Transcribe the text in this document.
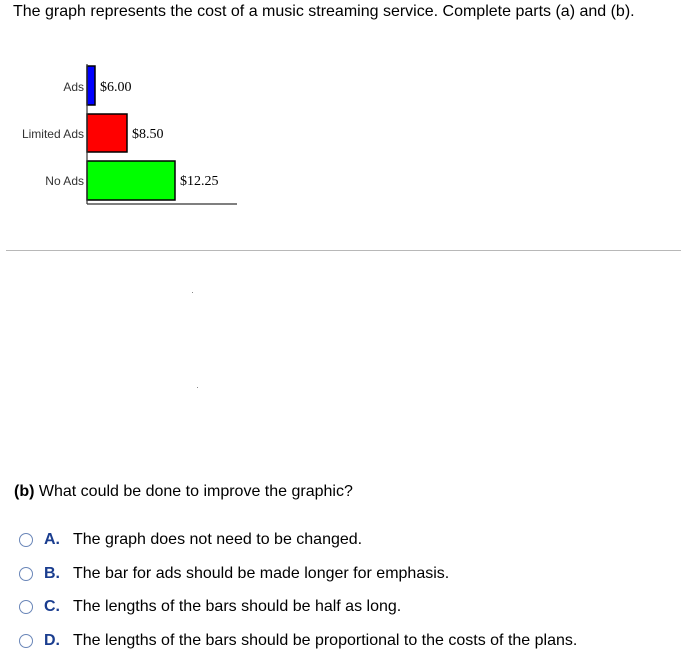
The graph represents the cost of a music streaming service. Complete parts (a) and (b).
Ads $6.00
Limited Ads	$8.50
No Ads	$12.25
(b) What could be done to improve the graphic?
A. The graph does not need to be changed.
B. The bar for ads should be made longer for emphasis.
C. The lengths of the bars should be half as long.
D. The lengths of the bars should be proportional to the costs of the plans.
